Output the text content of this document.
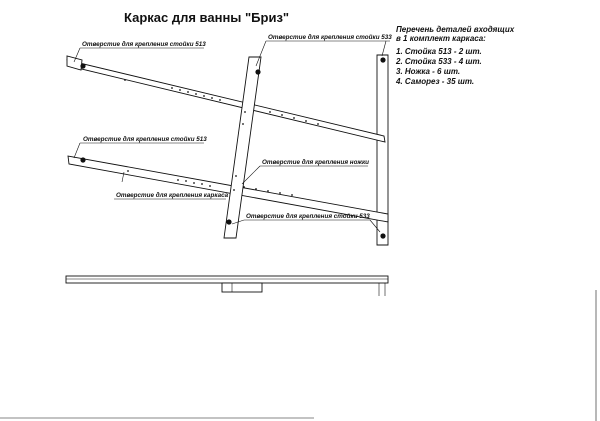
Каркас для ванны "Бриз"
Перечень деталей входящих
в 1 комплект каркаса:
1. Стойка 513 - 2 шт.
2. Стойка 533 - 4 шт.
3. Ножка - 6 шт.
4. Саморез - 35 шт.
Отверстие для крепления стойки 513
Отверстие для крепления стойки 533
Отверстие для крепления стойки 513
Отверстие для крепления ножки
Отверстие для крепления каркаса
Отверстие для крепления стойки 533
